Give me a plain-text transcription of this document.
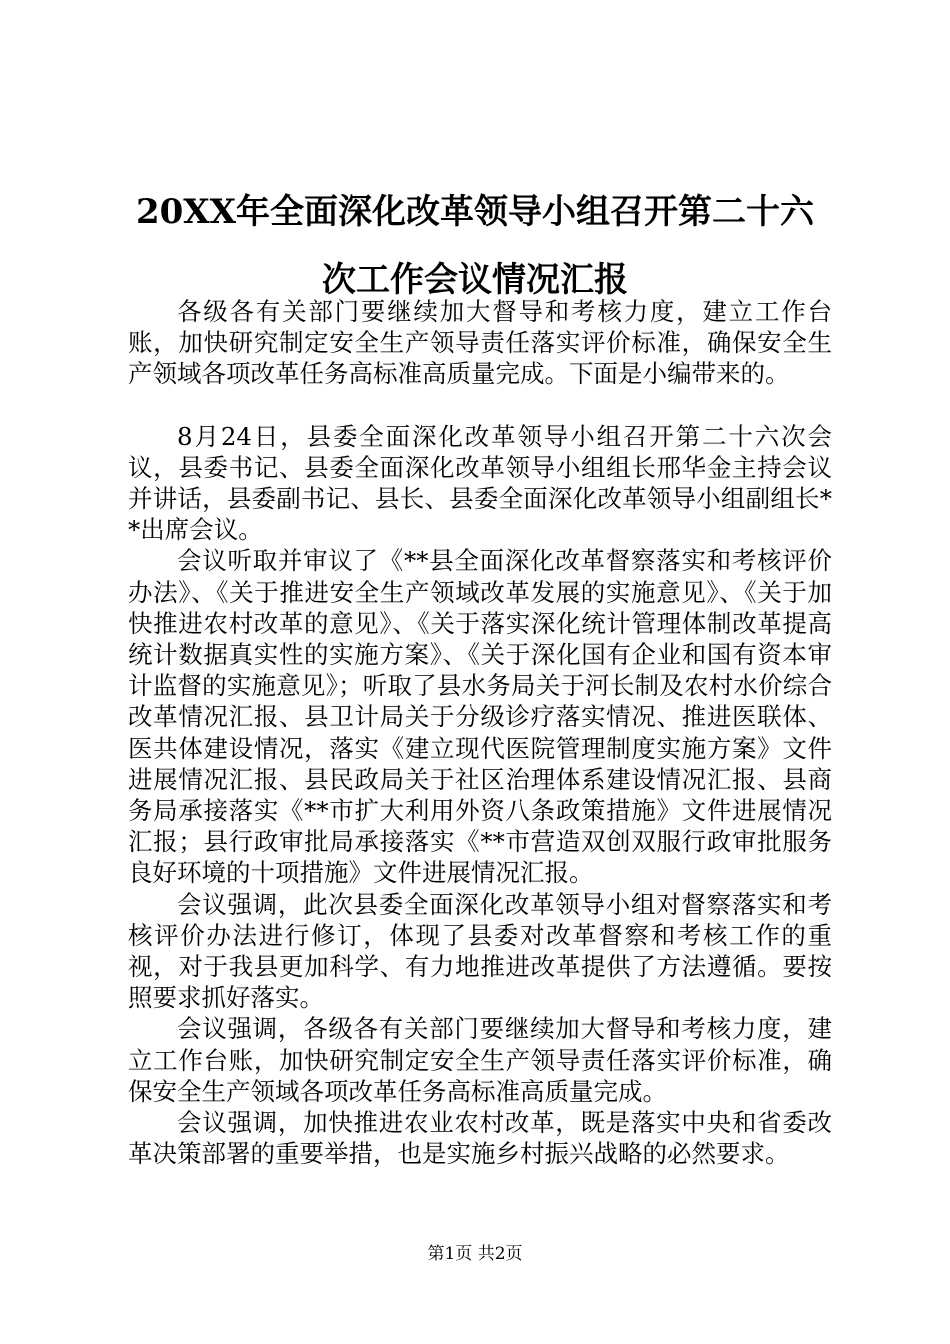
20XX年全面深化改革领导小组召开第二十六
次工作会议情况汇报

各级各有关部门要继续加大督导和考核力度，建立工作台账，加快研究制定安全生产领导责任落实评价标准，确保安全生产领域各项改革任务高标准高质量完成。下面是小编带来的。

8月24日，县委全面深化改革领导小组召开第二十六次会议，县委书记、县委全面深化改革领导小组组长邢华金主持会议并讲话，县委副书记、县长、县委全面深化改革领导小组副组长**出席会议。

会议听取并审议了《**县全面深化改革督察落实和考核评价办法》、《关于推进安全生产领域改革发展的实施意见》、《关于加快推进农村改革的意见》、《关于落实深化统计管理体制改革提高统计数据真实性的实施方案》、《关于深化国有企业和国有资本审计监督的实施意见》；听取了县水务局关于河长制及农村水价综合改革情况汇报、县卫计局关于分级诊疗落实情况、推进医联体、医共体建设情况，落实《建立现代医院管理制度实施方案》文件进展情况汇报、县民政局关于社区治理体系建设情况汇报、县商务局承接落实《**市扩大利用外资八条政策措施》文件进展情况汇报；县行政审批局承接落实《**市营造双创双服行政审批服务良好环境的十项措施》文件进展情况汇报。

会议强调，此次县委全面深化改革领导小组对督察落实和考核评价办法进行修订，体现了县委对改革督察和考核工作的重视，对于我县更加科学、有力地推进改革提供了方法遵循。要按照要求抓好落实。

会议强调，各级各有关部门要继续加大督导和考核力度，建立工作台账，加快研究制定安全生产领导责任落实评价标准，确保安全生产领域各项改革任务高标准高质量完成。

会议强调，加快推进农业农村改革，既是落实中央和省委改革决策部署的重要举措，也是实施乡村振兴战略的必然要求。

第1页 共2页
